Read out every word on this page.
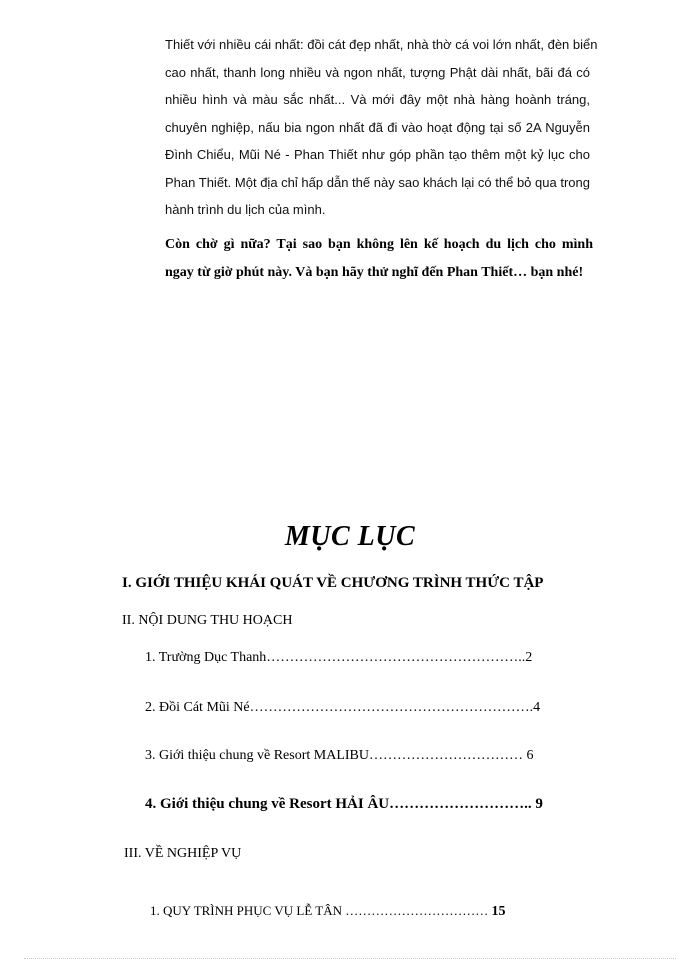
Thiết với nhiều cái nhất: đồi cát đẹp nhất, nhà thờ cá voi lớn nhất, đèn biển
cao nhất, thanh long nhiều và ngon nhất, tượng Phật dài nhất, bãi đá có
nhiều hình và màu sắc nhất... Và mới đây một nhà hàng hoành tráng,
chuyên nghiệp, nấu bia ngon nhất đã đi vào hoạt động tại số 2A Nguyễn
Đình Chiểu, Mũi Né - Phan Thiết như góp phần tạo thêm một kỷ lục cho
Phan Thiết. Một địa chỉ hấp dẫn thế này sao khách lại có thể bỏ qua trong
hành trình du lịch của mình.
Còn chờ gì nữa? Tại sao bạn không lên kế hoạch du lịch cho mình
ngay từ giờ phút này. Và bạn hãy thử nghĩ đến Phan Thiết… bạn nhé!
MỤC LỤC
I. GIỚI THIỆU KHÁI QUÁT VỀ CHƯƠNG TRÌNH THỨC TẬP
II. NỘI DUNG THU HOẠCH
1. Trường Dục Thanh………………………………………………..2
2. Đồi Cát Mũi Né…………………………………………………….4
3. Giới thiệu chung về Resort MALIBU…………………………… 6
4. Giới thiệu chung về Resort HẢI ÂU……………………….. 9
III. VỀ NGHIỆP VỤ
1. QUY TRÌNH PHỤC VỤ LỄ TÂN …………………………… 15
